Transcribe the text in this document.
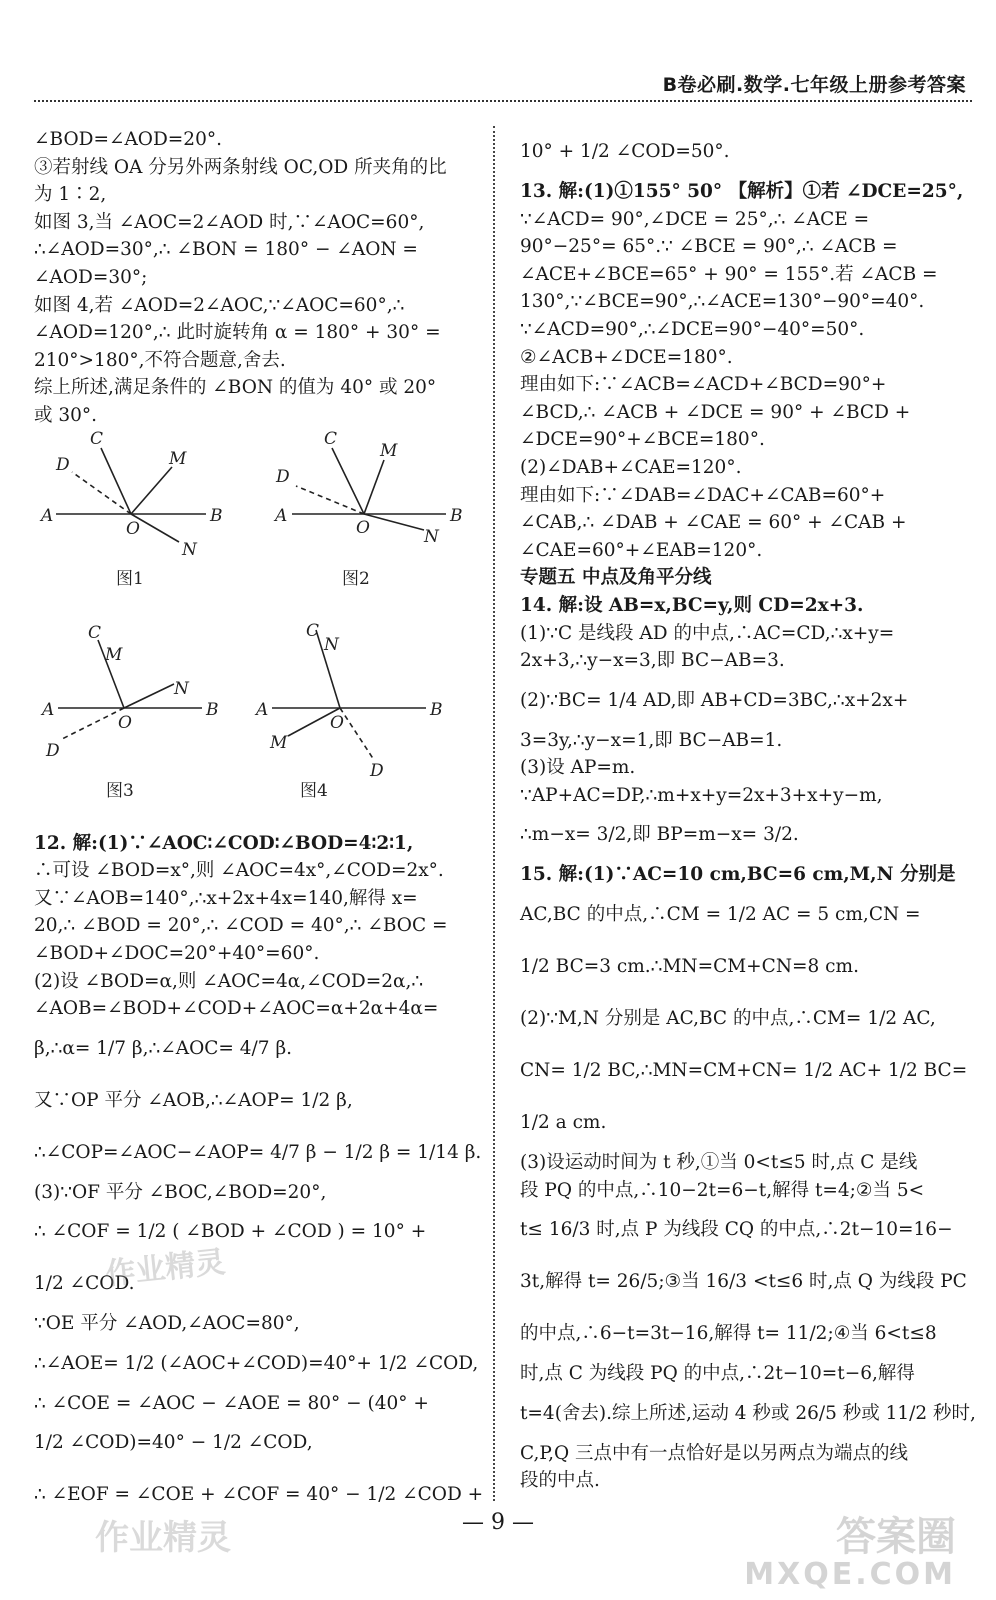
B卷必刷.数学.七年级上册参考答案
∠BOD=∠AOD=20°.
③若射线 OA 分另外两条射线 OC,OD 所夹角的比
为 1∶2,
如图 3,当 ∠AOC=2∠AOD 时,∵∠AOC=60°,
∴∠AOD=30°,∴ ∠BON = 180° − ∠AON =
∠AOD=30°;
如图 4,若 ∠AOD=2∠AOC,∵∠AOC=60°,∴
∠AOD=120°,∴ 此时旋转角 α = 180° + 30° =
210°>180°,不符合题意,舍去.
综上所述,满足条件的 ∠BON 的值为 40° 或 20°
或 30°.
A	B
C
D	M
N
O
图1
A	B
C
D
M
N
O
图2
A	B
C
D
M
N
O
图3
A	B
C
D
M
N
O
图4
12. 解:(1)∵∠AOC∶∠COD∶∠BOD=4∶2∶1,
∴可设 ∠BOD=x°,则 ∠AOC=4x°,∠COD=2x°.
又∵∠AOB=140°,∴x+2x+4x=140,解得 x=
20,∴ ∠BOD = 20°,∴ ∠COD = 40°,∴ ∠BOC =
∠BOD+∠DOC=20°+40°=60°.
(2)设 ∠BOD=α,则 ∠AOC=4α,∠COD=2α,∴
∠AOB=∠BOD+∠COD+∠AOC=α+2α+4α=
β,∴α= 1/7 β,∴∠AOC= 4/7 β.
又∵OP 平分 ∠AOB,∴∠AOP= 1/2 β,
∴∠COP=∠AOC−∠AOP= 4/7 β − 1/2 β = 1/14 β.
(3)∵OF 平分 ∠BOC,∠BOD=20°,
∴ ∠COF = 1/2 ( ∠BOD + ∠COD ) = 10° +
1/2 ∠COD.
∵OE 平分 ∠AOD,∠AOC=80°,
∴∠AOE= 1/2 (∠AOC+∠COD)=40°+ 1/2 ∠COD,
∴ ∠COE = ∠AOC − ∠AOE = 80° − (40° +
1/2 ∠COD)=40° − 1/2 ∠COD,
∴ ∠EOF = ∠COE + ∠COF = 40° − 1/2 ∠COD +
10° + 1/2 ∠COD=50°.
13. 解:(1)①155° 50° 【解析】①若 ∠DCE=25°,
∵∠ACD= 90°,∠DCE = 25°,∴ ∠ACE =
90°−25°= 65°.∵ ∠BCE = 90°,∴ ∠ACB =
∠ACE+∠BCE=65° + 90° = 155°.若 ∠ACB =
130°,∵∠BCE=90°,∴∠ACE=130°−90°=40°.
∵∠ACD=90°,∴∠DCE=90°−40°=50°.
②∠ACB+∠DCE=180°.
理由如下:∵∠ACB=∠ACD+∠BCD=90°+
∠BCD,∴ ∠ACB + ∠DCE = 90° + ∠BCD +
∠DCE=90°+∠BCE=180°.
(2)∠DAB+∠CAE=120°.
理由如下:∵∠DAB=∠DAC+∠CAB=60°+
∠CAB,∴ ∠DAB + ∠CAE = 60° + ∠CAB +
∠CAE=60°+∠EAB=120°.
专题五 中点及角平分线
14. 解:设 AB=x,BC=y,则 CD=2x+3.
(1)∵C 是线段 AD 的中点,∴AC=CD,∴x+y=
2x+3,∴y−x=3,即 BC−AB=3.
(2)∵BC= 1/4 AD,即 AB+CD=3BC,∴x+2x+
3=3y,∴y−x=1,即 BC−AB=1.
(3)设 AP=m.
∵AP+AC=DP,∴m+x+y=2x+3+x+y−m,
∴m−x= 3/2,即 BP=m−x= 3/2.
15. 解:(1)∵AC=10 cm,BC=6 cm,M,N 分别是
AC,BC 的中点,∴CM = 1/2 AC = 5 cm,CN =
1/2 BC=3 cm.∴MN=CM+CN=8 cm.
(2)∵M,N 分别是 AC,BC 的中点,∴CM= 1/2 AC,
CN= 1/2 BC,∴MN=CM+CN= 1/2 AC+ 1/2 BC=
1/2 a cm.
(3)设运动时间为 t 秒,①当 0<t≤5 时,点 C 是线
段 PQ 的中点,∴10−2t=6−t,解得 t=4;②当 5<
t≤ 16/3 时,点 P 为线段 CQ 的中点,∴2t−10=16−
3t,解得 t= 26/5;③当 16/3 <t≤6 时,点 Q 为线段 PC
的中点,∴6−t=3t−16,解得 t= 11/2;④当 6<t≤8
时,点 C 为线段 PQ 的中点,∴2t−10=t−6,解得
t=4(舍去).综上所述,运动 4 秒或 26/5 秒或 11/2 秒时,
C,P,Q 三点中有一点恰好是以另两点为端点的线
段的中点.
— 9 —
作业精灵
作业精灵	答案圈
MXQE.COM
